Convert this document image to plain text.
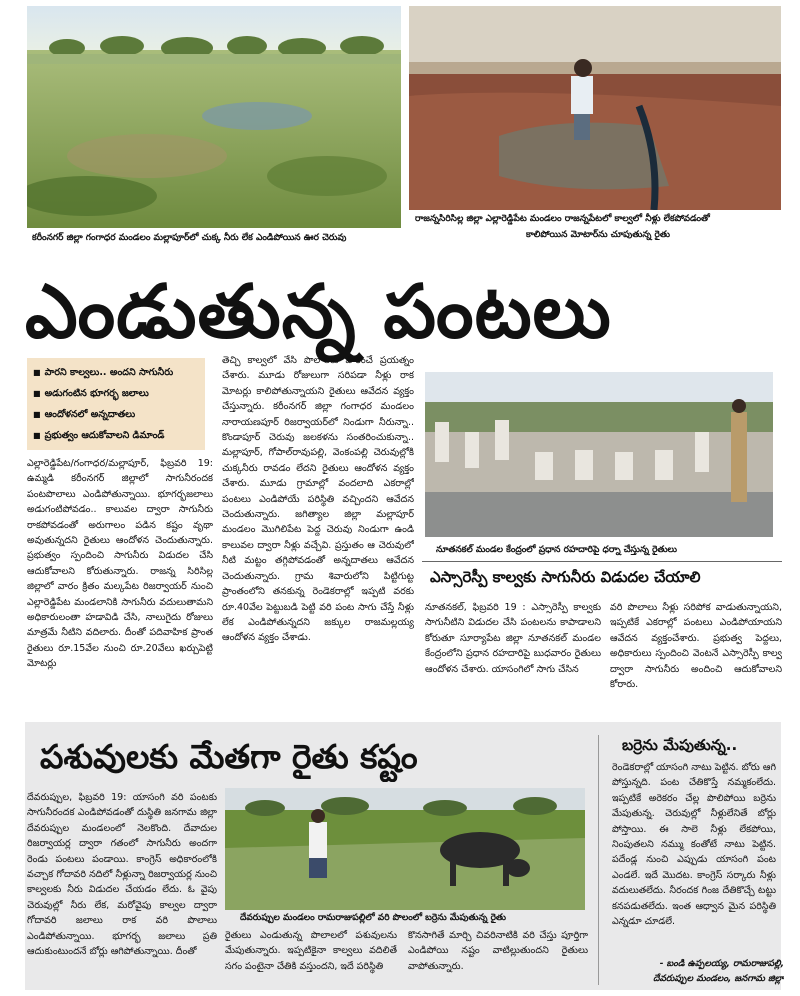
కరీంనగర్ జిల్లా గంగాధర మండలం మల్లాపూర్‌లో చుక్క నీరు లేక ఎండిపోయిన ఊర చెరువు
రాజన్నసిరిసిల్ల జిల్లా ఎల్లారెడ్డిపేట మండలం రాజన్నపేటలో కాల్వలో నీళ్లు లేకపోవడంతో
కాలిపోయిన మోటార్‌ను చూపుతున్న రైతు
ఎండుతున్న పంటలు
■ పారని కాల్వలు.. అందని సాగునీరు
■ అడుగంటిన భూగర్భ జలాలు
■ ఆందోళనలో అన్నదాతలు
■ ప్రభుత్వం ఆదుకోవాలని డిమాండ్
ఎల్లారెడ్డిపేట/గంగాధర/మల్లాపూర్, ఫిబ్రవరి 19: ఉమ్మడి కరీంనగర్ జిల్లాలో సాగునీరందక పంటపొలాలు ఎండిపోతున్నాయి. భూగర్భజలాలు అడుగంటిపోవడం.. కాలువల ద్వారా సాగునీరు రాకపోవడంతో అరుగాలం పడిన కష్టం వృథా అవుతున్నదని రైతులు ఆందోళన చెందుతున్నారు. ప్రభుత్వం స్పందించి సాగునీరు విడుదల చేసి ఆదుకోవాలని కోరుతున్నారు. రాజన్న సిరిసిల్ల జిల్లాలో వారం క్రితం మల్కపేట రిజర్వాయర్ నుంచి ఎల్లారెడ్డిపేట మండలానికి సాగునీరు వదులుతామని అధికారులంతా హడావిడి చేసి, నాలుగైదు రోజులు మాత్రమే నీటిని వదిలారు. దీంతో పదివాహిక ప్రాంత రైతులు రూ.15వేల నుంచి రూ.20వేలు ఖర్చుపెట్టి మోటర్లు
తెచ్చి కాల్వలో వేసి పొలాలకు పారించే ప్రయత్నం చేశారు. మూడు రోజులుగా సరిపడా నీళ్లు రాక మోటర్లు కాలిపోతున్నాయని రైతులు ఆవేదన వ్యక్తం చేస్తున్నారు. కరీంనగర్ జిల్లా గంగాధర మండలం నారాయణపూర్ రిజర్వాయర్‌లో నిండుగా నీరున్నా.. కొండాపూర్ చెరువు జలకళను సంతరించుకున్నా.. మల్లాపూర్, గోపాల్‌రావుపల్లి, వెంకంపల్లి చెరువుల్లోకి చుక్కనీరు రావడం లేదని రైతులు ఆందోళన వ్యక్తం చేశారు. మూడు గ్రామాల్లో వందలాది ఎకరాల్లో పంటలు ఎండిపోయే పరిస్థితి వచ్చిందని ఆవేదన చెందుతున్నారు. జగిత్యాల జిల్లా మల్లాపూర్ మండలం మొగిలిపేట పెద్ద చెరువు నిండుగా ఉండి కాలువల ద్వారా నీళ్లు వచ్చేవి. ప్రస్తుతం ఆ చెరువులో నీటి మట్టం తగ్గిపోవడంతో అన్నదాతలు ఆవేదన చెందుతున్నారు. గ్రామ శివారులోని పిట్టిగుట్ట ప్రాంతంలోని తనకున్న రెండెకరాల్లో ఇప్పటి వరకు రూ.40వేల పెట్టుబడి పెట్టి వరి పంట సాగు చేస్తే నీళ్లు లేక ఎండిపోతున్నదని జక్కుల రాజమల్లయ్య ఆందోళన వ్యక్తం చేశాడు.
నూతనకల్ మండల కేంద్రంలో ప్రధాన రహదారిపై ధర్నా చేస్తున్న రైతులు
ఎస్సారెస్పీ కాల్వకు సాగునీరు విడుదల చేయాలి
నూతనకల్, ఫిబ్రవరి 19 : ఎస్సారెస్పీ కాల్వకు సాగునీటిని విడుదల చేసి పంటలను కాపాడాలని కోరుతూ సూర్యాపేట జిల్లా నూతనకల్ మండల కేంద్రంలోని ప్రధాన రహదారిపై బుధవారం రైతులు ఆందోళన చేశారు. యాసంగిలో సాగు చేసిన
వరి పొలాలు నీళ్లు సరిపోక వాడుతున్నాయని, ఇప్పటికే ఎకరాల్లో పంటలు ఎండిపోయాయని ఆవేదన వ్యక్తంచేశారు. ప్రభుత్వ పెద్దలు, అధికారులు స్పందించి వెంటనే ఎస్సారెస్పీ కాల్వ ద్వారా సాగునీరు అందించి ఆదుకోవాలని కోరారు.
పశువులకు మేతగా రైతు కష్టం
దేవరుప్పుల, ఫిబ్రవరి 19: యాసంగి వరి పంటకు సాగునీరందక ఎండిపోవడంతో దుస్థితి జనగామ జిల్లా దేవరుప్పుల మండలంలో నెలకొంది. దేవాదుల రిజర్వాయర్ల ద్వారా గతంలో సాగునీరు అందగా రెండు పంటలు పండాయి. కాంగ్రెస్ అధికారంలోకి వచ్చాక గోదావరి నదిలో నీళ్లున్నా రిజర్వాయర్ల నుంచి కాల్వలకు నీరు విడుదల చేయడం లేదు. ఓ వైపు చెరువుల్లో నీరు లేక, మరోవైపు కాల్వల ద్వారా గోదావరి జలాలు రాక వరి పొలాలు ఎండిపోతున్నాయి. భూగర్భ జలాలు ప్రతి ఆదుకుంటుందనే బోర్లు ఆగిపోతున్నాయి. దీంతో
దేవరుప్పుల మండలం రామరాజుపల్లిలో వరి పొలంలో బర్రెను మేపుతున్న రైతు
రైతులు ఎండుతున్న పొలాలలో పశువులను మేపుతున్నారు. ఇప్పటికైనా కాల్వలు వదిలితే సగం పంటైనా చేతికి వస్తుందని, ఇదే పరిస్థితి
కొనసాగితే మార్చి చివరినాటికి వరి చేస్తు పూర్తిగా ఎండిపోయి నష్టం వాటిల్లుతుందని రైతులు వాపోతున్నారు.
బర్రెను మేపుతున్న..
రెండెకరాల్లో యాసంగి నాటు పెట్టిన. బోరు ఆగి పోస్తున్నది. పంట చేతికొస్తే నమ్మకంలేదు. ఇప్పటికే అరెకరం చేల్ల పొలిపోయి బర్రెను మేపుతున్న. చెరువుల్లో నీళ్లులేనితే బోర్లు పోస్తాయి. ఈ సాలె నీళ్లు లేకపోయి, నింపుతలని నమ్ము కంతోటే నాటు పెట్టిన. పదేండ్ల నుంచి ఎప్పుడు యాసంగి పంట ఎండలే. ఇదే మొదట. కాంగ్రెస్ సర్కారు నీళ్లు వదులుతలేదు. నీరందక గింజ దేతికొచ్చే టట్టు కనపడుతలేదు. ఇంత ఆధ్వాన మైన పరిస్థితి ఎన్నడూ చూడలే.
- బండి ఉప్పలయ్య, రామరాజుపల్లి,
దేవరుప్పుల మండలం, జనగామ జిల్లా
